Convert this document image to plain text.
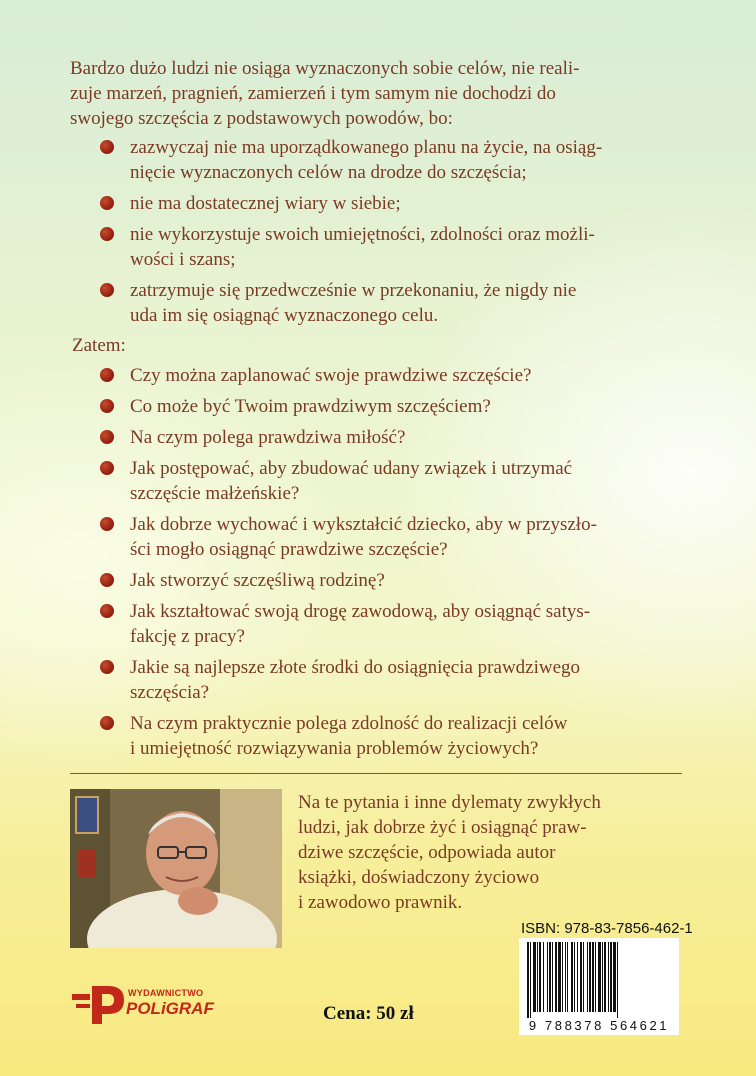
Bardzo dużo ludzi nie osiąga wyznaczonych sobie celów, nie reali-

zuje marzeń, pragnień, zamierzeń i tym samym nie dochodzi do

swojego szczęścia z podstawowych powodów, bo:

zazwyczaj nie ma uporządkowanego planu na życie, na osiąg-
nięcie wyznaczonych celów na drodze do szczęścia;
nie ma dostatecznej wiary w siebie;
nie wykorzystuje swoich umiejętności, zdolności oraz możli-
wości i szans;
zatrzymuje się przedwcześnie w przekonaniu, że nigdy nie
uda im się osiągnąć wyznaczonego celu.
Zatem:
Czy można zaplanować swoje prawdziwe szczęście?
Co może być Twoim prawdziwym szczęściem?
Na czym polega prawdziwa miłość?
Jak postępować, aby zbudować udany związek i utrzymać
szczęście małżeńskie?
Jak dobrze wychować i wykształcić dziecko, aby w przyszło-
ści mogło osiągnąć prawdziwe szczęście?
Jak stworzyć szczęśliwą rodzinę?
Jak kształtować swoją drogę zawodową, aby osiągnąć satys-
fakcję z pracy?
Jakie są najlepsze złote środki do osiągnięcia prawdziwego
szczęścia?
Na czym praktycznie polega zdolność do realizacji celów
i umiejętność rozwiązywania problemów życiowych?

Na te pytania i inne dylematy zwykłych

ludzi, jak dobrze żyć i osiągnąć praw-

dziwe szczęście, odpowiada autor

książki, doświadczony życiowo

i zawodowo prawnik.

ISBN: 978-83-7856-462-1
9 788378 564621
Cena: 50 zł
WYDAWNICTWO
POLiGRAF
